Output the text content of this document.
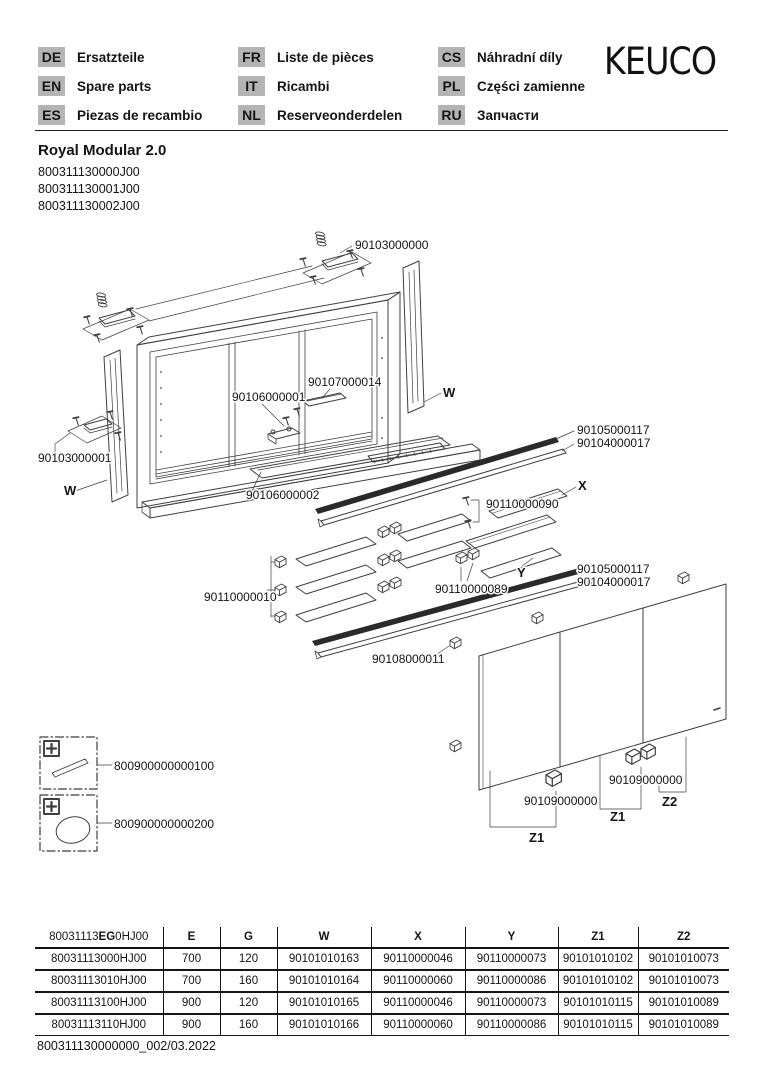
DE Ersatzteile
EN Spare parts
ES	Piezas de recambio
FR	Liste de pièces
IT	Ricambi
NL	Reserveonderdelen
CS Náhradní díly
PL	Części zamienne
RU Запчасти
KEUCO
Royal Modular 2.0
800311130000J00
800311130001J00
800311130002J00
90103000000
90103000001
90106000001
90107000014
90106000002
90105000117
90104000017
90110000090
90110000010
90110000089
90105000117
90104000017
90108000011
90109000000
90109000000
800900000000100
800900000000200
W
W	X
Y
Z1
Z1
Z2
80031113EG0HJ00	E	G	W	X	Y	Z1	Z2
80031113000HJ00	700	120	90101010163	90110000046	90110000073	90101010102	90101010073
80031113010HJ00	700	160	90101010164	90110000060	90110000086	90101010102	90101010073
80031113100HJ00	900	120	90101010165	90110000046	90110000073	90101010115	90101010089
80031113110HJ00	900	160	90101010166	90110000060	90110000086	90101010115	90101010089
800311130000000_002/03.2022
